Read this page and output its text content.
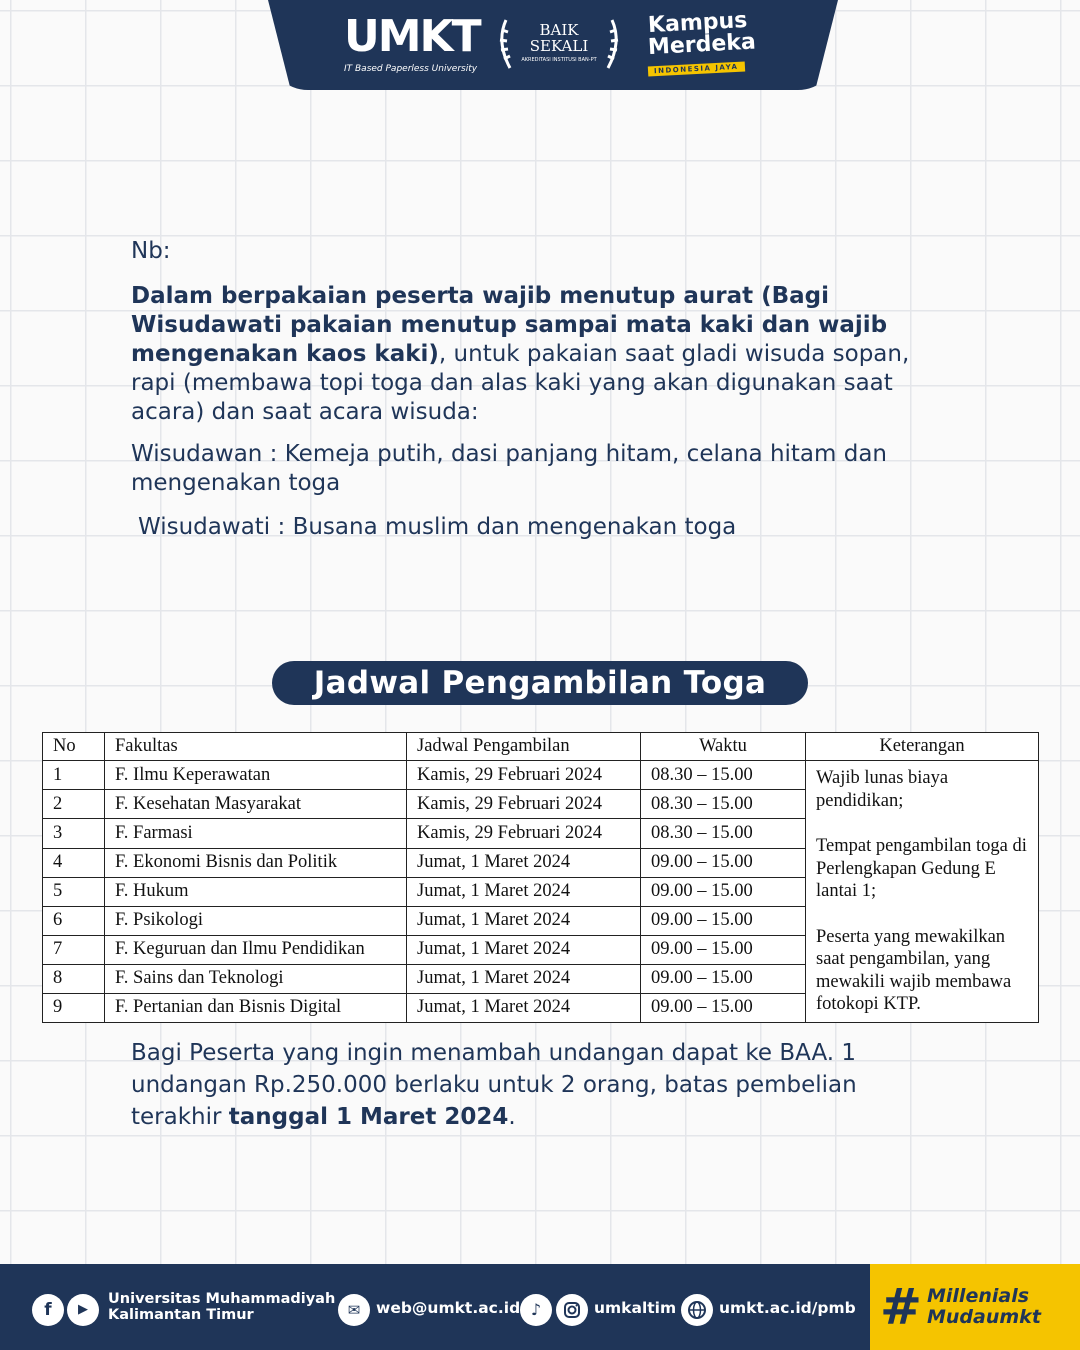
UMKT
IT Based Paperless University
BAIK
SEKALI
AKREDITASI INSTITUSI BAN-PT
Kampus
Merdeka
INDONESIA JAYA
Nb:
Dalam berpakaian peserta wajib menutup aurat (Bagi Wisudawati pakaian menutup sampai mata kaki dan wajib mengenakan kaos kaki), untuk pakaian saat gladi wisuda sopan, rapi (membawa topi toga dan alas kaki yang akan digunakan saat acara) dan saat acara wisuda:
Wisudawan : Kemeja putih, dasi panjang hitam, celana hitam dan mengenakan toga
Wisudawati : Busana muslim dan mengenakan toga
Jadwal Pengambilan Toga
No	Fakultas	Jadwal Pengambilan	Waktu	Keterangan
1	F. Ilmu Keperawatan	Kamis, 29 Februari 2024	08.30 – 15.00	Wajib lunas biaya pendidikan;

Tempat pengambilan toga di Perlengkapan Gedung E lantai 1;

Peserta yang mewakilkan saat pengambilan, yang mewakili wajib membawa fotokopi KTP.

2	F. Kesehatan Masyarakat	Kamis, 29 Februari 2024	08.30 – 15.00	
3	F. Farmasi	Kamis, 29 Februari 2024	08.30 – 15.00	
4	F. Ekonomi Bisnis dan Politik	Jumat, 1 Maret 2024	09.00 – 15.00	
5	F. Hukum	Jumat, 1 Maret 2024	09.00 – 15.00	
6	F. Psikologi	Jumat, 1 Maret 2024	09.00 – 15.00	
7	F. Keguruan dan Ilmu Pendidikan	Jumat, 1 Maret 2024	09.00 – 15.00	
8	F. Sains dan Teknologi	Jumat, 1 Maret 2024	09.00 – 15.00	
9	F. Pertanian dan Bisnis Digital	Jumat, 1 Maret 2024	09.00 – 15.00	
Bagi Peserta yang ingin menambah undangan dapat ke BAA. 1 undangan Rp.250.000 berlaku untuk 2 orang, batas pembelian terakhir tanggal 1 Maret 2024.
f	▶
Universitas Muhammadiyah
Kalimantan Timur	✉	web@umkt.ac.id ♪	umkaltim	umkt.ac.id/pmb # Millenials
Mudaumkt
